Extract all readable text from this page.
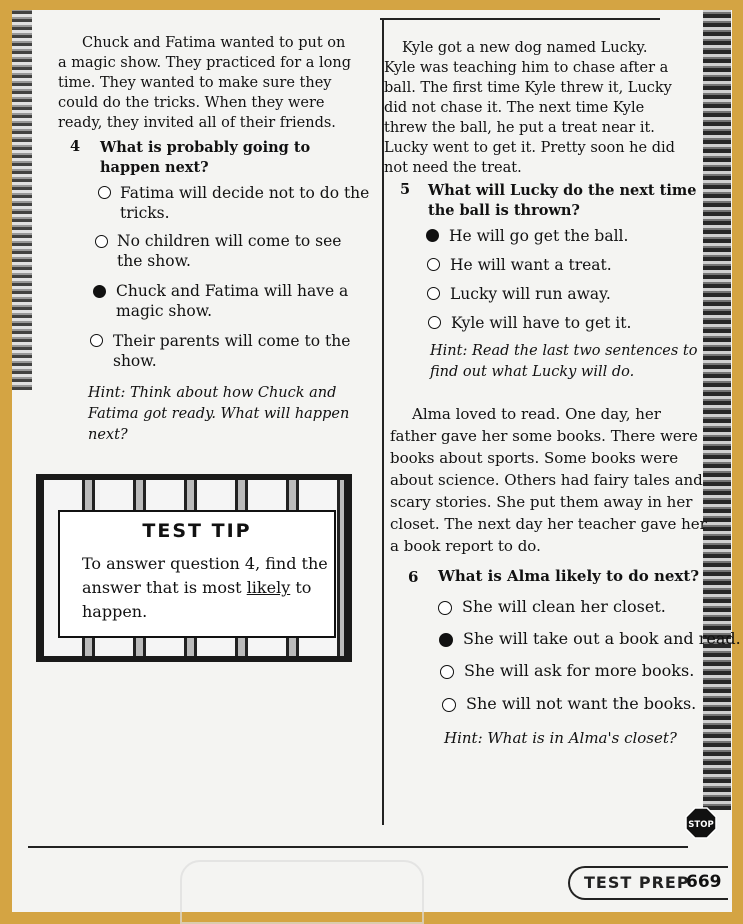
Chuck and Fatima wanted to put on

a magic show. They practiced for a long

time. They wanted to make sure they

could do the tricks. When they were

ready, they invited all of their friends.

4 What is probably going to

happen next?

Fatima will decide not to do the
tricks.
No children will come to see
the show.
Chuck and Fatima will have a
magic show.
Their parents will come to the
show.

Hint: Think about how Chuck and

Fatima got ready. What will happen

next?

TEST TIP

To answer question 4, find the answer that is most likely to happen.

Kyle got a new dog named Lucky.

Kyle was teaching him to chase after a

ball. The first time Kyle threw it, Lucky

did not chase it. The next time Kyle

threw the ball, he put a treat near it.

Lucky went to get it. Pretty soon he did

not need the treat.

5 What will Lucky do the next time

the ball is thrown?

He will go get the ball.
He will want a treat.
Lucky will run away.
Kyle will have to get it.

Hint: Read the last two sentences to

find out what Lucky will do.

Alma loved to read. One day, her

father gave her some books. There were

books about sports. Some books were

about science. Others had fairy tales and

scary stories. She put them away in her

closet. The next day her teacher gave her

a book report to do.

6 What is Alma likely to do next?

She will clean her closet.
She will take out a book and read.
She will ask for more books.
She will not want the books.

Hint: What is in Alma's closet?

STOP
TEST PREP
669
